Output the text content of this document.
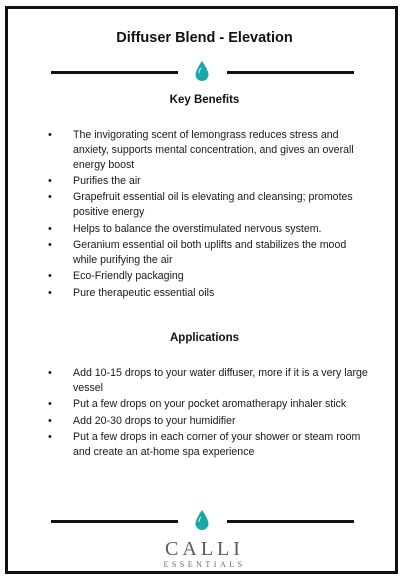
Diffuser Blend - Elevation
Key Benefits
• The invigorating scent of lemongrass reduces stress and anxiety, supports mental concentration, and gives an overall energy boost
• Purifies the air
• Grapefruit essential oil is elevating and cleansing; promotes positive energy
• Helps to balance the overstimulated nervous system.
• Geranium essential oil both uplifts and stabilizes the mood while purifying the air
• Eco-Friendly packaging
• Pure therapeutic essential oils
Applications
• Add 10-15 drops to your water diffuser, more if it is a very large vessel
• Put a few drops on your pocket aromatherapy inhaler stick
• Add 20-30 drops to your humidifier
• Put a few drops in each corner of your shower or steam room and create an at-home spa experience
CALLI
ESSENTIALS
